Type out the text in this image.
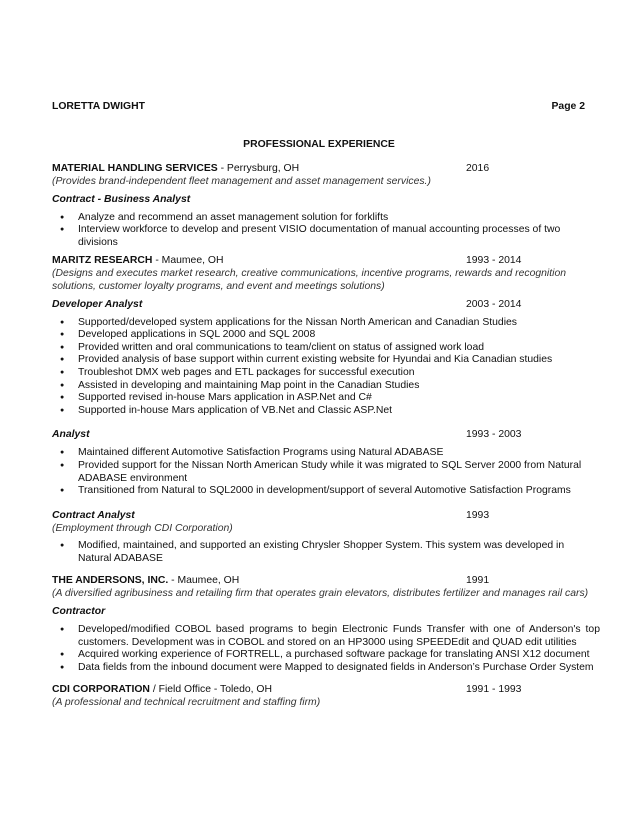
LORETTA DWIGHT	Page 2
PROFESSIONAL EXPERIENCE
MATERIAL HANDLING SERVICES - Perrysburg, OH	2016
(Provides brand-independent fleet management and asset management services.)
Contract - Business Analyst
● Analyze and recommend an asset management solution for forklifts
● Interview workforce to develop and present VISIO documentation of manual accounting processes of two divisions
MARITZ RESEARCH - Maumee, OH	1993 - 2014
(Designs and executes market research, creative communications, incentive programs, rewards and recognition solutions, customer loyalty programs, and event and meetings solutions)
Developer Analyst	2003 - 2014
● Supported/developed system applications for the Nissan North American and Canadian Studies
● Developed applications in SQL 2000 and SQL 2008
● Provided written and oral communications to team/client on status of assigned work load
● Provided analysis of base support within current existing website for Hyundai and Kia Canadian studies
● Troubleshot DMX web pages and ETL packages for successful execution
● Assisted in developing and maintaining Map point in the Canadian Studies
● Supported revised in-house Mars application in ASP.Net and C#
● Supported in-house Mars application of VB.Net and Classic ASP.Net
Analyst	1993 - 2003
● Maintained different Automotive Satisfaction Programs using Natural ADABASE
● Provided support for the Nissan North American Study while it was migrated to SQL Server 2000 from Natural ADABASE environment
● Transitioned from Natural to SQL2000 in development/support of several Automotive Satisfaction Programs
Contract Analyst	1993
(Employment through CDI Corporation)
● Modified, maintained, and supported an existing Chrysler Shopper System. This system was developed in Natural ADABASE
THE ANDERSONS, INC. - Maumee, OH	1991
(A diversified agribusiness and retailing firm that operates grain elevators, distributes fertilizer and manages rail cars)
Contractor
● Developed/modified COBOL based programs to begin Electronic Funds Transfer with one of Anderson's top customers. Development was in COBOL and stored on an HP3000 using SPEEDEdit and QUAD edit utilities
● Acquired working experience of FORTRELL, a purchased software package for translating ANSI X12 document
● Data fields from the inbound document were Mapped to designated fields in Anderson’s Purchase Order System
CDI CORPORATION / Field Office - Toledo, OH	1991 - 1993
(A professional and technical recruitment and staffing firm)
